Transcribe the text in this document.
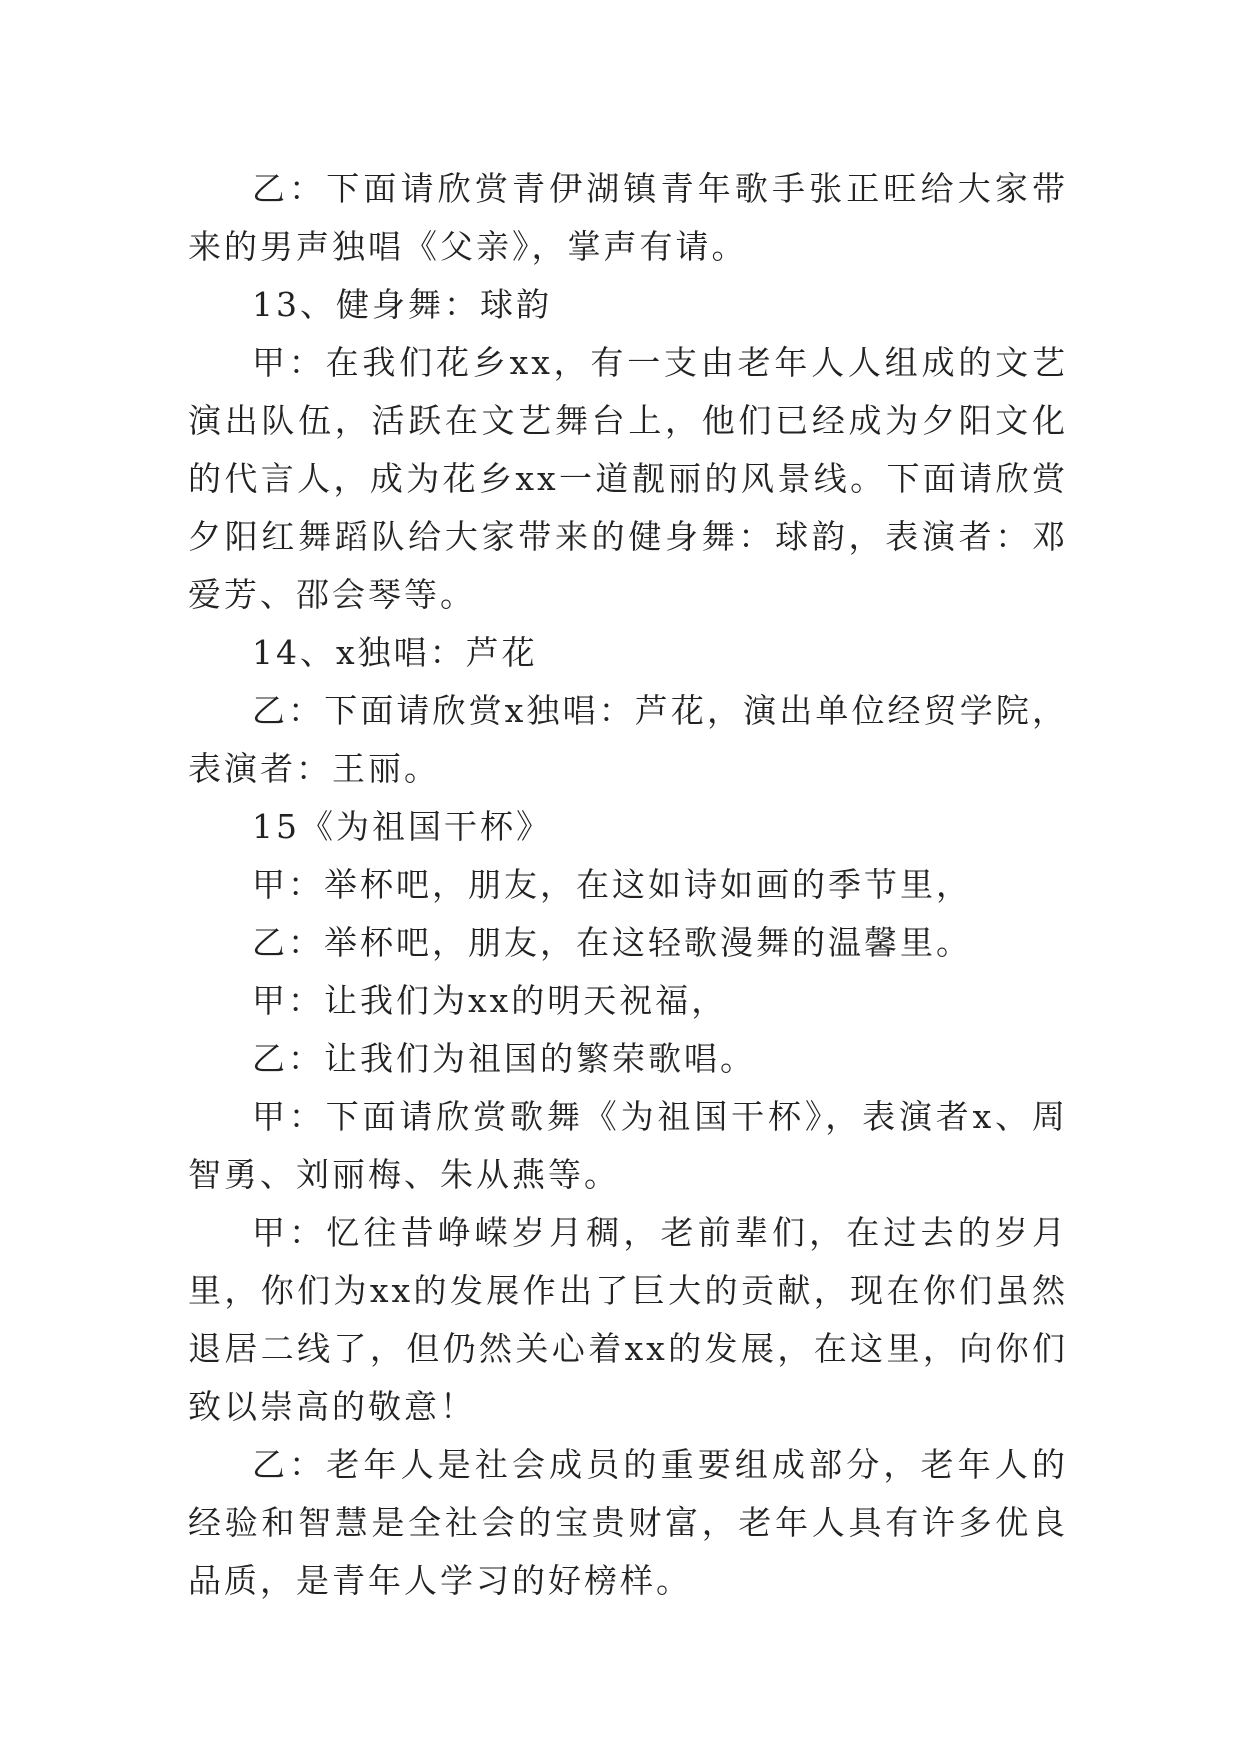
乙：下面请欣赏青伊湖镇青年歌手张正旺给大家带来的男声独唱《父亲》，掌声有请。

13、健身舞：球韵

甲：在我们花乡xx，有一支由老年人人组成的文艺演出队伍，活跃在文艺舞台上，他们已经成为夕阳文化的代言人，成为花乡xx一道靓丽的风景线。下面请欣赏夕阳红舞蹈队给大家带来的健身舞：球韵，表演者：邓爱芳、邵会琴等。

14、x独唱：芦花

乙：下面请欣赏x独唱：芦花，演出单位经贸学院，表演者：王丽。

15《为祖国干杯》

甲：举杯吧，朋友，在这如诗如画的季节里，

乙：举杯吧，朋友，在这轻歌漫舞的温馨里。

甲：让我们为xx的明天祝福，

乙：让我们为祖国的繁荣歌唱。

甲：下面请欣赏歌舞《为祖国干杯》，表演者x、周智勇、刘丽梅、朱从燕等。

甲：忆往昔峥嵘岁月稠，老前辈们，在过去的岁月里，你们为xx的发展作出了巨大的贡献，现在你们虽然退居二线了，但仍然关心着xx的发展，在这里，向你们致以崇高的敬意！

乙：老年人是社会成员的重要组成部分，老年人的经验和智慧是全社会的宝贵财富，老年人具有许多优良品质，是青年人学习的好榜样。
